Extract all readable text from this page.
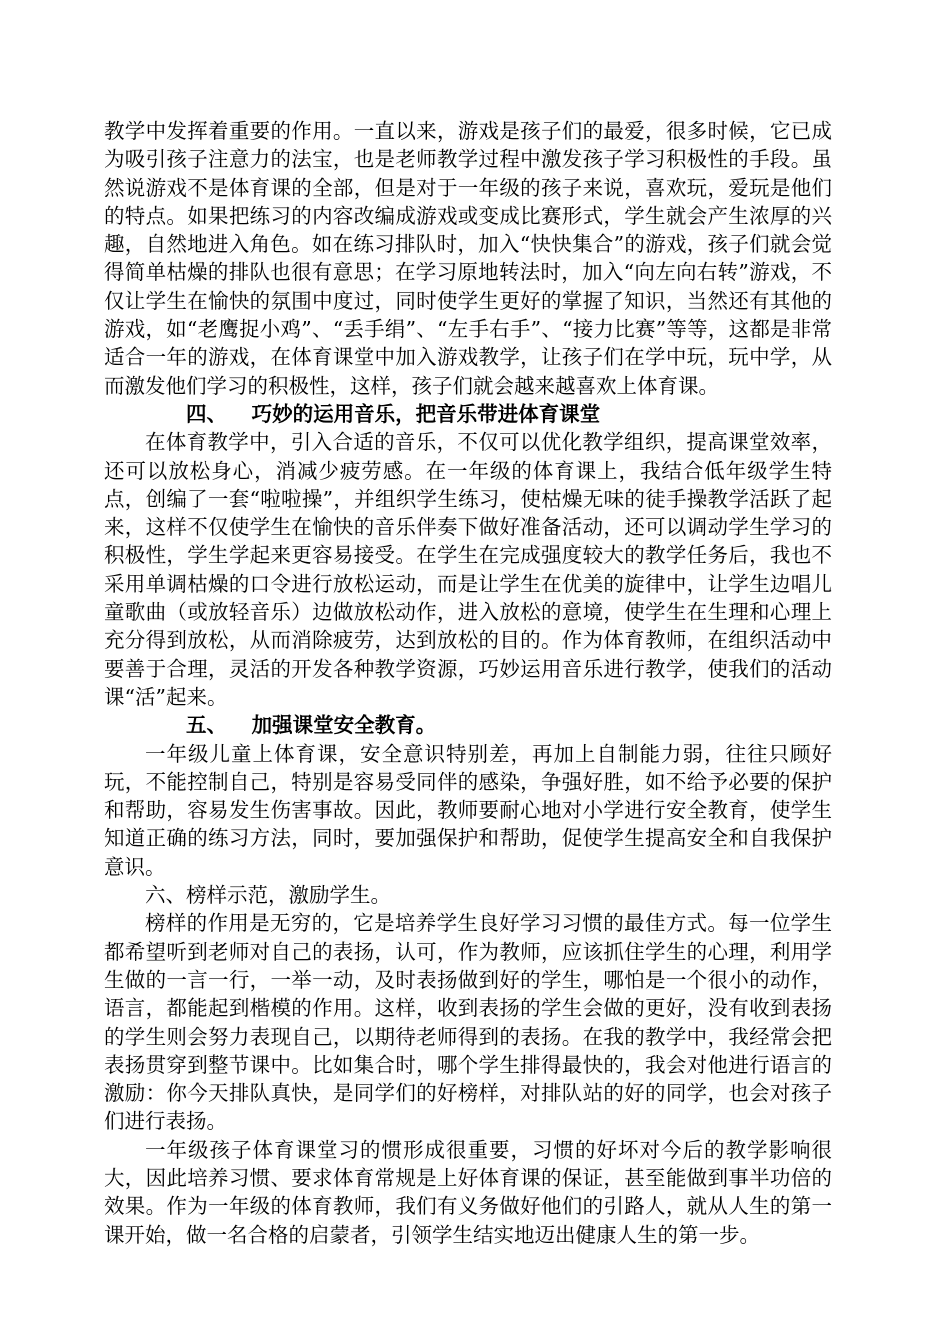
教学中发挥着重要的作用。一直以来，游戏是孩子们的最爱，很多时候，它已成为吸引孩子注意力的法宝，也是老师教学过程中激发孩子学习积极性的手段。虽然说游戏不是体育课的全部，但是对于一年级的孩子来说，喜欢玩，爱玩是他们的特点。如果把练习的内容改编成游戏或变成比赛形式，学生就会产生浓厚的兴趣，自然地进入角色。如在练习排队时，加入“快快集合”的游戏，孩子们就会觉得简单枯燥的排队也很有意思；在学习原地转法时，加入“向左向右转”游戏，不仅让学生在愉快的氛围中度过，同时使学生更好的掌握了知识，当然还有其他的游戏，如“老鹰捉小鸡”、“丢手绢”、“左手右手”、“接力比赛”等等，这都是非常适合一年的游戏，在体育课堂中加入游戏教学，让孩子们在学中玩，玩中学，从而激发他们学习的积极性，这样，孩子们就会越来越喜欢上体育课。

四、 巧妙的运用音乐，把音乐带进体育课堂

在体育教学中，引入合适的音乐，不仅可以优化教学组织，提高课堂效率，还可以放松身心，消减少疲劳感。在一年级的体育课上，我结合低年级学生特点，创编了一套“啦啦操”，并组织学生练习，使枯燥无味的徒手操教学活跃了起来，这样不仅使学生在愉快的音乐伴奏下做好准备活动，还可以调动学生学习的积极性，学生学起来更容易接受。在学生在完成强度较大的教学任务后，我也不采用单调枯燥的口令进行放松运动，而是让学生在优美的旋律中，让学生边唱儿童歌曲（或放轻音乐）边做放松动作，进入放松的意境，使学生在生理和心理上充分得到放松，从而消除疲劳，达到放松的目的。作为体育教师，在组织活动中要善于合理，灵活的开发各种教学资源，巧妙运用音乐进行教学，使我们的活动课“活”起来。

五、 加强课堂安全教育。

一年级儿童上体育课，安全意识特别差，再加上自制能力弱，往往只顾好玩，不能控制自己，特别是容易受同伴的感染，争强好胜，如不给予必要的保护和帮助，容易发生伤害事故。因此，教师要耐心地对小学进行安全教育，使学生知道正确的练习方法，同时，要加强保护和帮助，促使学生提高安全和自我保护意识。

六、榜样示范，激励学生。

榜样的作用是无穷的，它是培养学生良好学习习惯的最佳方式。每一位学生都希望听到老师对自己的表扬，认可，作为教师，应该抓住学生的心理，利用学生做的一言一行，一举一动，及时表扬做到好的学生，哪怕是一个很小的动作，语言，都能起到楷模的作用。这样，收到表扬的学生会做的更好，没有收到表扬的学生则会努力表现自己，以期待老师得到的表扬。在我的教学中，我经常会把表扬贯穿到整节课中。比如集合时，哪个学生排得最快的，我会对他进行语言的激励：你今天排队真快，是同学们的好榜样，对排队站的好的同学，也会对孩子们进行表扬。

一年级孩子体育课堂习的惯形成很重要，习惯的好坏对今后的教学影响很大，因此培养习惯、要求体育常规是上好体育课的保证，甚至能做到事半功倍的效果。作为一年级的体育教师，我们有义务做好他们的引路人，就从人生的第一课开始，做一名合格的启蒙者，引领学生结实地迈出健康人生的第一步。
